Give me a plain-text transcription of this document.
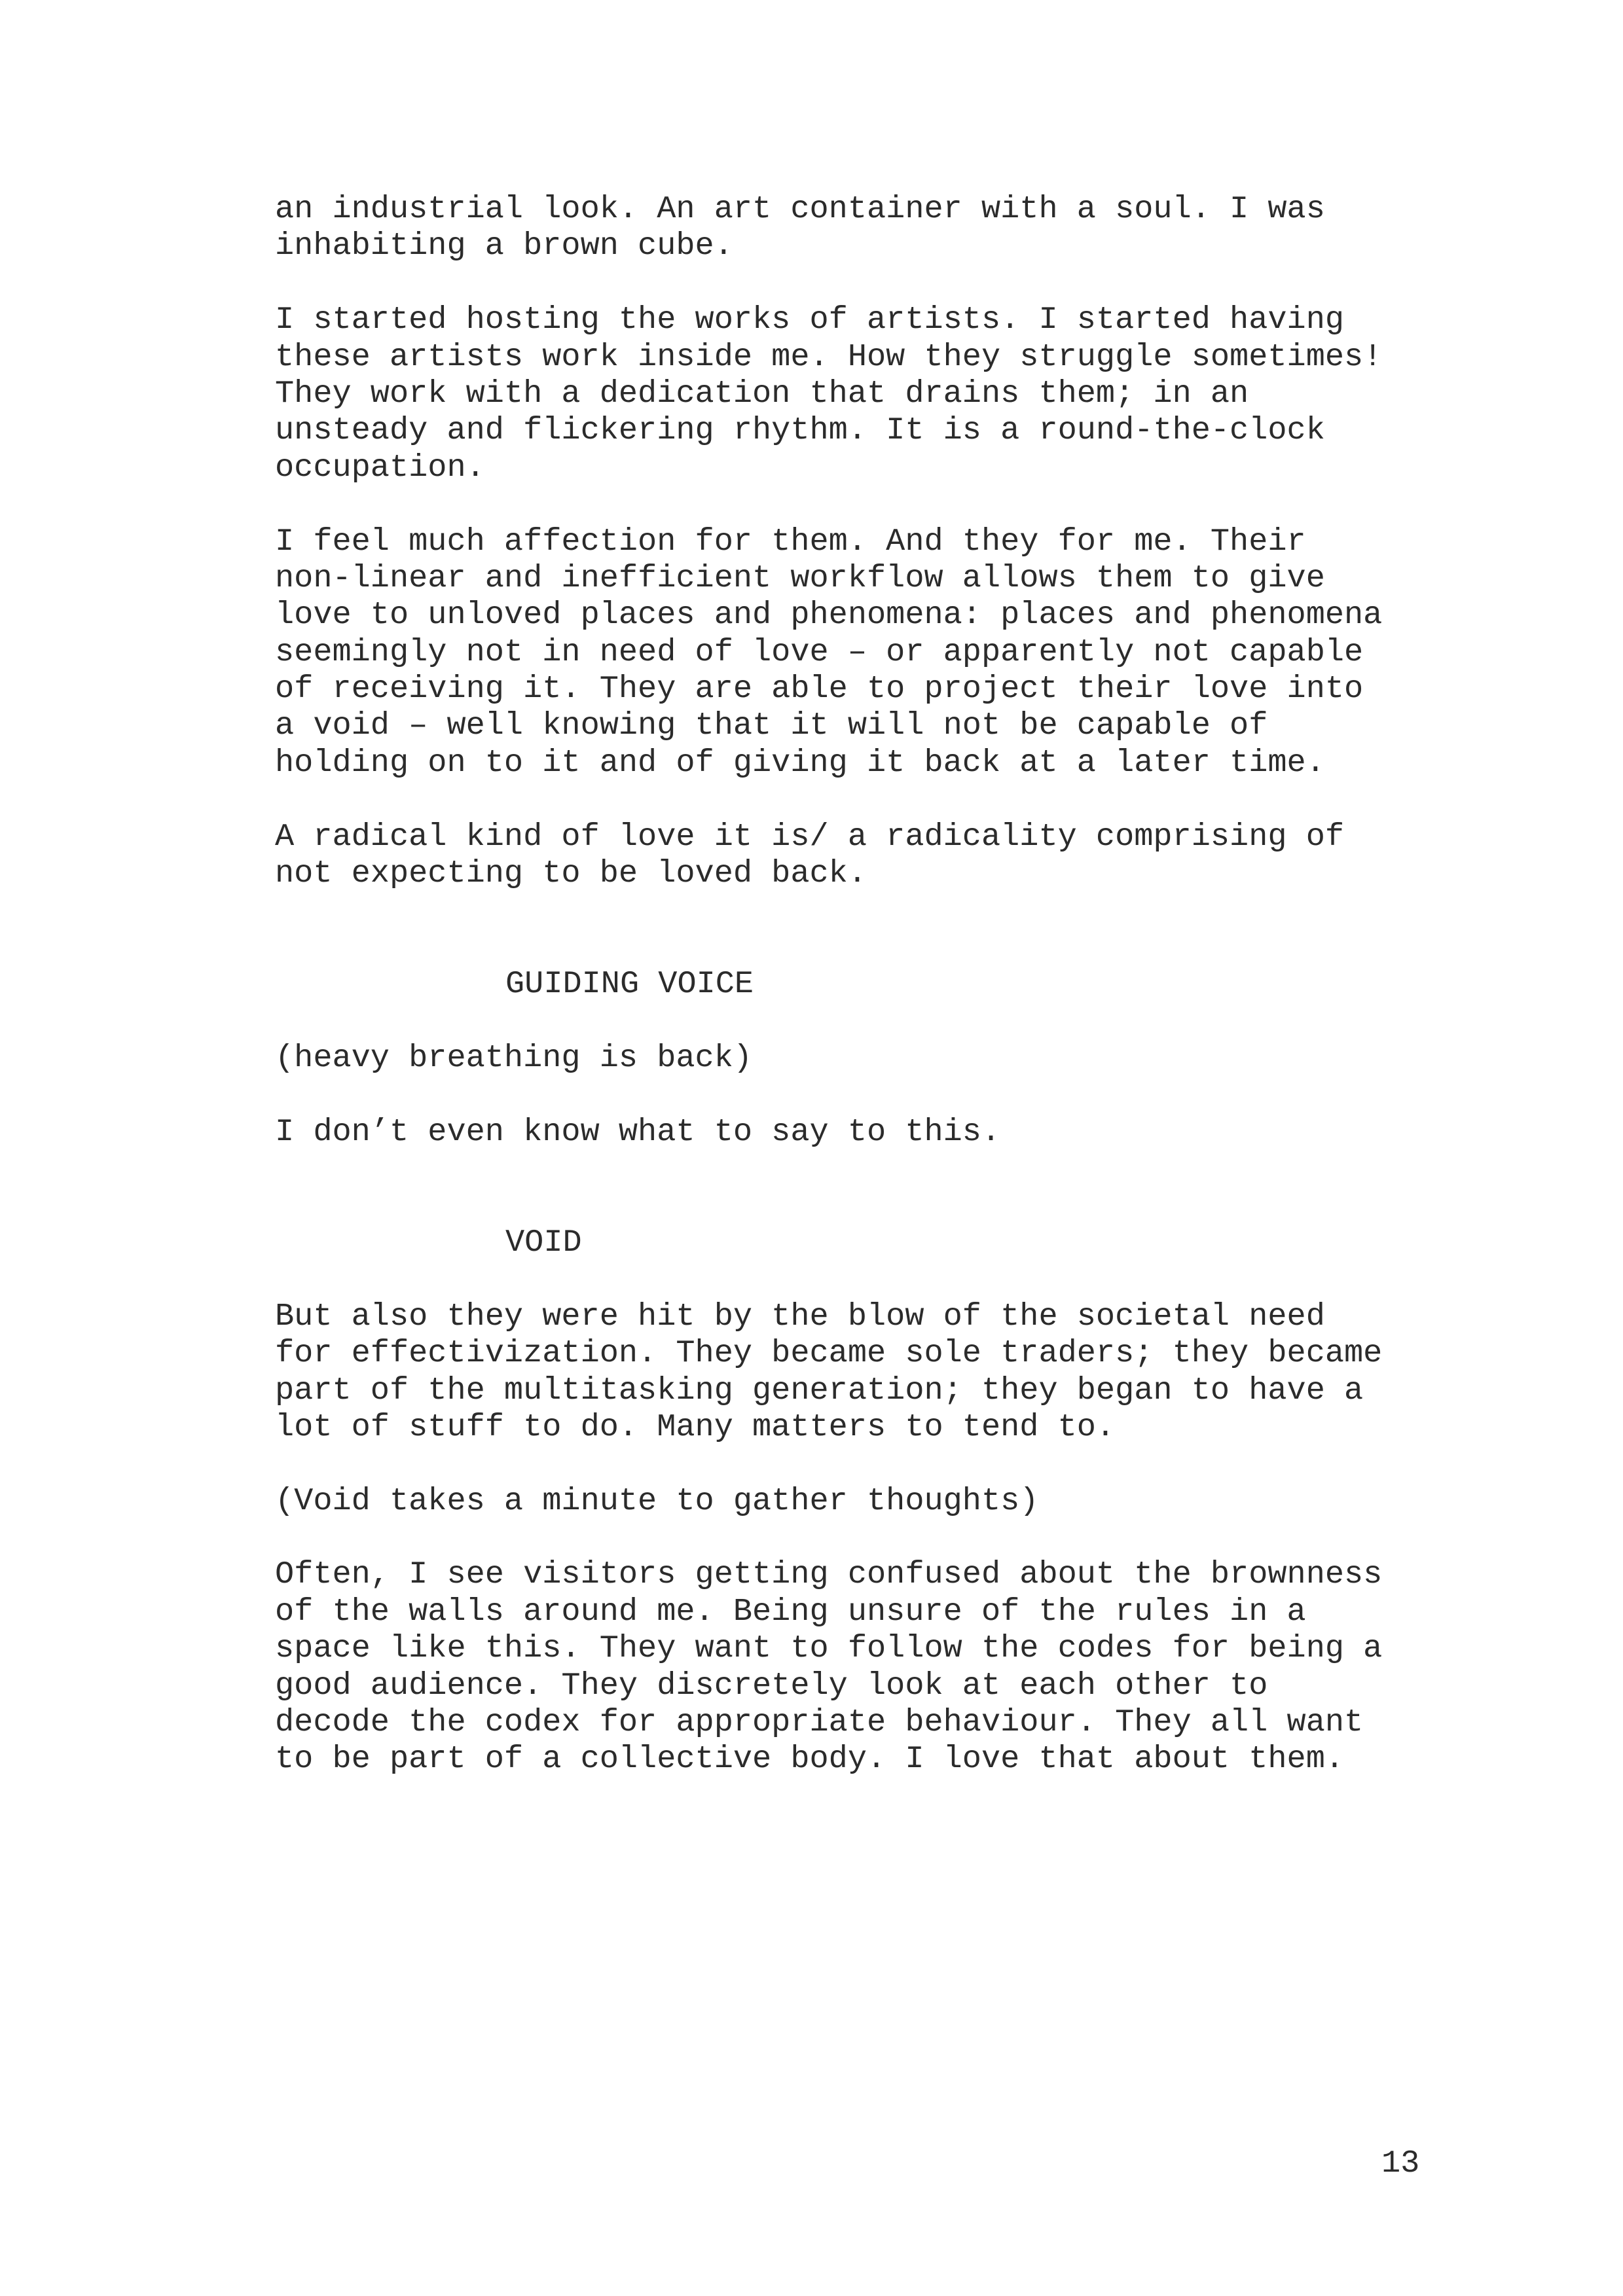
an industrial look. An art container with a soul. I was
inhabiting a brown cube.
I started hosting the works of artists. I started having
these artists work inside me. How they struggle sometimes!
They work with a dedication that drains them; in an
unsteady and flickering rhythm. It is a round-the-clock
occupation.
I feel much affection for them. And they for me. Their
non-linear and inefficient workflow allows them to give
love to unloved places and phenomena: places and phenomena
seemingly not in need of love – or apparently not capable
of receiving it. They are able to project their love into
a void – well knowing that it will not be capable of
holding on to it and of giving it back at a later time.
A radical kind of love it is/ a radicality comprising of
not expecting to be loved back.
GUIDING VOICE
(heavy breathing is back)
I don’t even know what to say to this.
VOID
But also they were hit by the blow of the societal need
for effectivization. They became sole traders; they became
part of the multitasking generation; they began to have a
lot of stuff to do. Many matters to tend to.
(Void takes a minute to gather thoughts)
Often, I see visitors getting confused about the brownness
of the walls around me. Being unsure of the rules in a
space like this. They want to follow the codes for being a
good audience. They discretely look at each other to
decode the codex for appropriate behaviour. They all want
to be part of a collective body. I love that about them.
13
